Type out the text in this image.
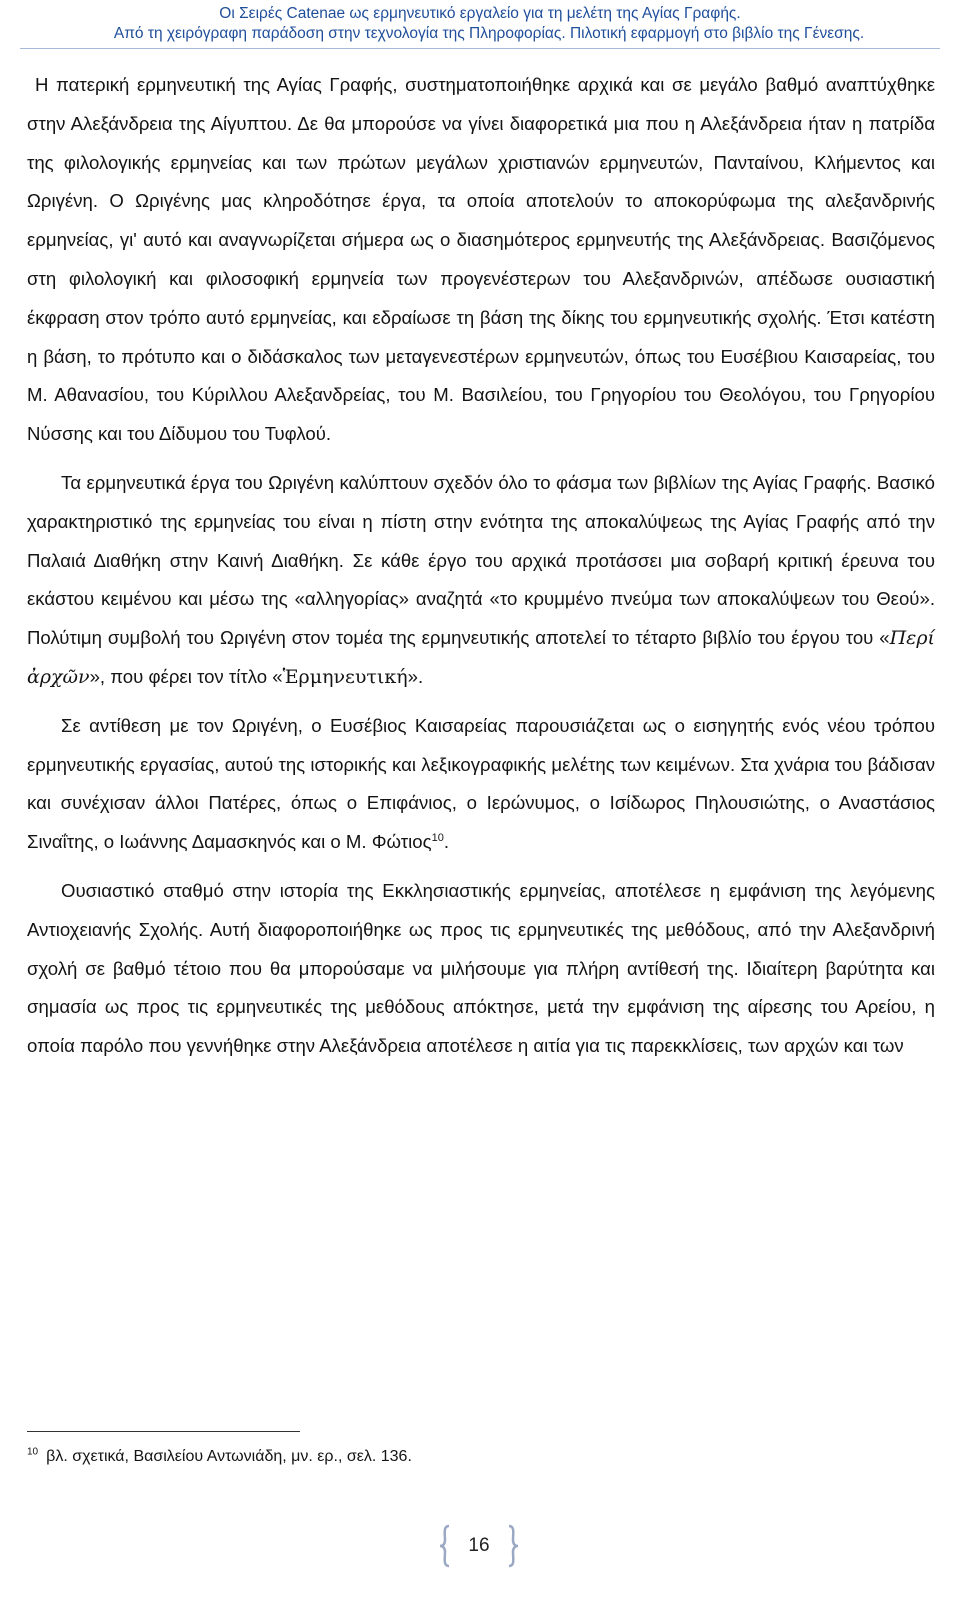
Οι Σειρές Catenae ως ερμηνευτικό εργαλείο για τη μελέτη της Αγίας Γραφής.
Από τη χειρόγραφη παράδοση στην τεχνολογία της Πληροφορίας. Πιλοτική εφαρμογή στο βιβλίο της Γένεσης.

Η πατερική ερμηνευτική της Αγίας Γραφής, συστηματοποιήθηκε αρχικά και σε μεγάλο βαθμό αναπτύχθηκε στην Αλεξάνδρεια της Αίγυπτου. Δε θα μπορούσε να γίνει διαφορετικά μια που η Αλεξάνδρεια ήταν η πατρίδα της φιλολογικής ερμηνείας και των πρώτων μεγάλων χριστιανών ερμηνευτών, Πανταίνου, Κλήμεντος και Ωριγένη. Ο Ωριγένης μας κληροδότησε έργα, τα οποία αποτελούν το αποκορύφωμα της αλεξανδρινής ερμηνείας, γι' αυτό και αναγνωρίζεται σήμερα ως ο διασημότερος ερμηνευτής της Αλεξάνδρειας. Βασιζόμενος στη φιλολογική και φιλοσοφική ερμηνεία των προγενέστερων του Αλεξανδρινών, απέδωσε ουσιαστική έκφραση στον τρόπο αυτό ερμηνείας, και εδραίωσε τη βάση της δίκης του ερμηνευτικής σχολής. Έτσι κατέστη η βάση, το πρότυπο και ο διδάσκαλος των μεταγενεστέρων ερμηνευτών, όπως του Ευσέβιου Καισαρείας, του Μ. Αθανασίου, του Κύριλλου Αλεξανδρείας, του Μ. Βασιλείου, του Γρηγορίου του Θεολόγου, του Γρηγορίου Νύσσης και του Δίδυμου του Τυφλού.

Τα ερμηνευτικά έργα του Ωριγένη καλύπτουν σχεδόν όλο το φάσμα των βιβλίων της Αγίας Γραφής. Βασικό χαρακτηριστικό της ερμηνείας του είναι η πίστη στην ενότητα της αποκαλύψεως της Αγίας Γραφής από την Παλαιά Διαθήκη στην Καινή Διαθήκη. Σε κάθε έργο του αρχικά προτάσσει μια σοβαρή κριτική έρευνα του εκάστου κειμένου και μέσω της «αλληγορίας» αναζητά «το κρυμμένο πνεύμα των αποκαλύψεων του Θεού». Πολύτιμη συμβολή του Ωριγένη στον τομέα της ερμηνευτικής αποτελεί το τέταρτο βιβλίο του έργου του «Περί ἀρχῶν», που φέρει τον τίτλο «Ἑρμηνευτική».

Σε αντίθεση με τον Ωριγένη, ο Ευσέβιος Καισαρείας παρουσιάζεται ως ο εισηγητής ενός νέου τρόπου ερμηνευτικής εργασίας, αυτού της ιστορικής και λεξικογραφικής μελέτης των κειμένων. Στα χνάρια του βάδισαν και συνέχισαν άλλοι Πατέρες, όπως ο Επιφάνιος, ο Ιερώνυμος, ο Ισίδωρος Πηλουσιώτης, ο Αναστάσιος Σιναΐτης, ο Ιωάννης Δαμασκηνός και ο Μ. Φώτιος$^{10}$.

Ουσιαστικό σταθμό στην ιστορία της Εκκλησιαστικής ερμηνείας, αποτέλεσε η εμφάνιση της λεγόμενης Αντιοχειανής Σχολής. Αυτή διαφοροποιήθηκε ως προς τις ερμηνευτικές της μεθόδους, από την Αλεξανδρινή σχολή σε βαθμό τέτοιο που θα μπορούσαμε να μιλήσουμε για πλήρη αντίθεσή της. Ιδιαίτερη βαρύτητα και σημασία ως προς τις ερμηνευτικές της μεθόδους απόκτησε, μετά την εμφάνιση της αίρεσης του Αρείου, η οποία παρόλο που γεννήθηκε στην Αλεξάνδρεια αποτέλεσε η αιτία για τις παρεκκλίσεις, των αρχών και των

$^{10}$ βλ. σχετικά, Βασιλείου Αντωνιάδη, μν. ερ., σελ. 136.
16
